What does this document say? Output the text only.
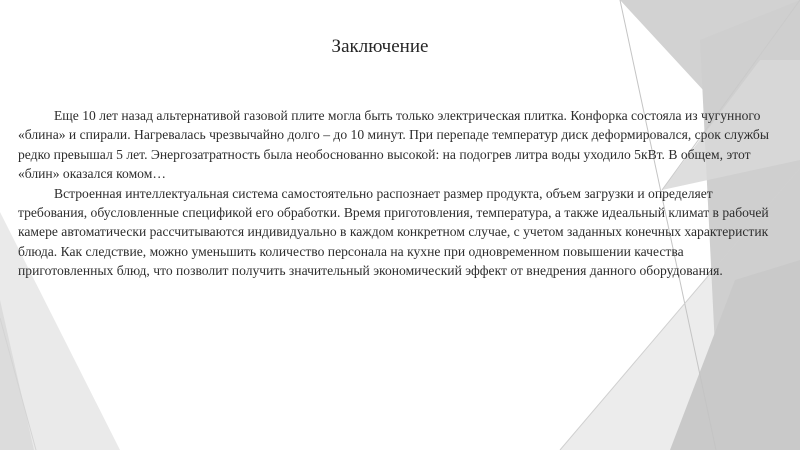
Заключение

Еще 10 лет назад альтернативой газовой плите могла быть только электрическая плитка. Конфорка состояла из чугунного «блина» и спирали. Нагревалась чрезвычайно долго – до 10 минут. При перепаде температур диск деформировался, срок службы редко превышал 5 лет. Энергозатратность была необоснованно высокой: на подогрев литра воды уходило 5кВт. В общем, этот «блин» оказался комом…

Встроенная интеллектуальная система самостоятельно распознает размер продукта, объем загрузки и определяет требования, обусловленные спецификой его обработки. Время приготовления, температура, а также идеальный климат в рабочей камере автоматически рассчитываются индивидуально в каждом конкретном случае, с учетом заданных конечных характеристик блюда. Как следствие, можно уменьшить количество персонала на кухне при одновременном повышении качества приготовленных блюд, что позволит получить значительный экономический эффект от внедрения данного оборудования.
